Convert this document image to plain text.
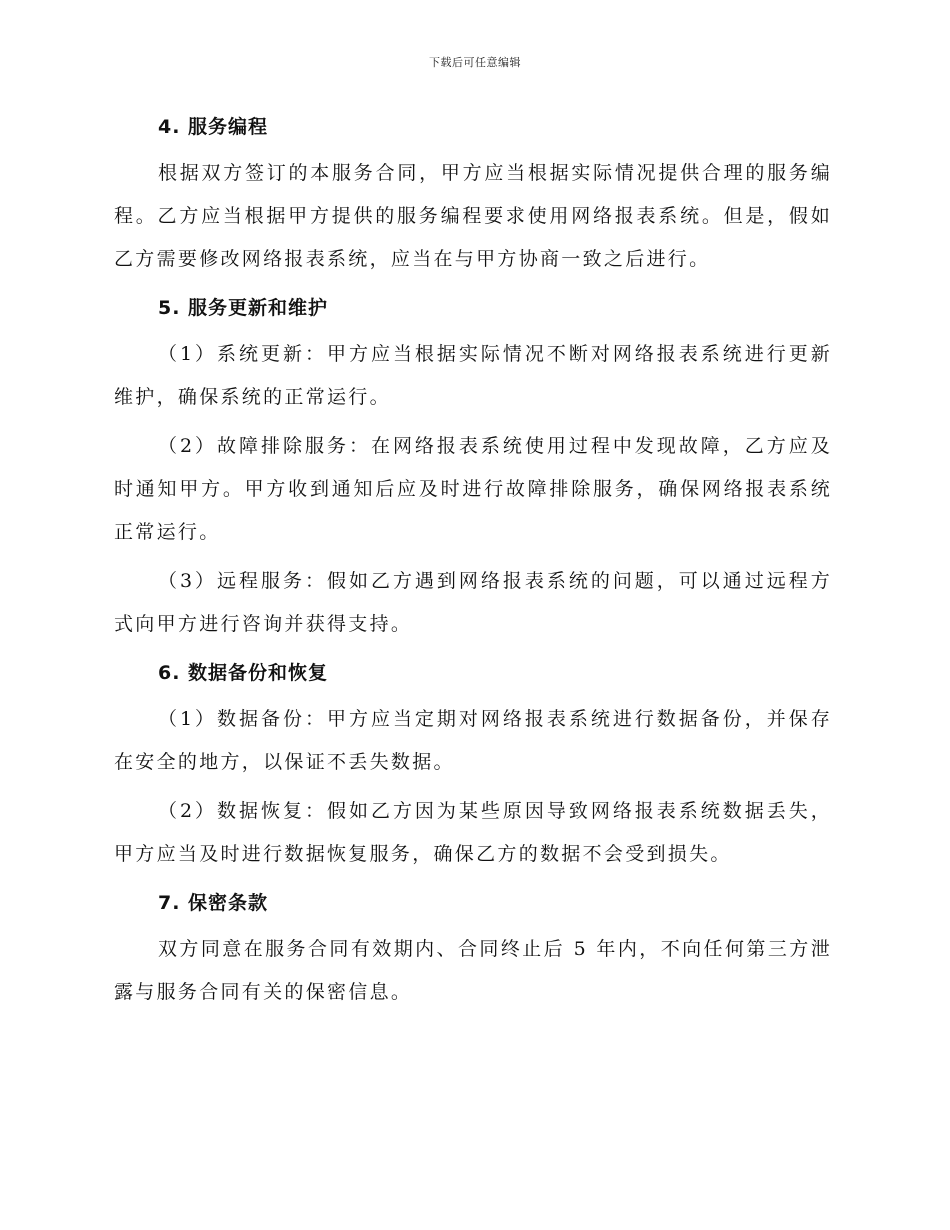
下载后可任意编辑
4. 服务编程

根据双方签订的本服务合同，甲方应当根据实际情况提供合理的服务编程。乙方应当根据甲方提供的服务编程要求使用网络报表系统。但是，假如乙方需要修改网络报表系统，应当在与甲方协商一致之后进行。

5. 服务更新和维护

（1）系统更新：甲方应当根据实际情况不断对网络报表系统进行更新维护，确保系统的正常运行。

（2）故障排除服务：在网络报表系统使用过程中发现故障，乙方应及时通知甲方。甲方收到通知后应及时进行故障排除服务，确保网络报表系统正常运行。

（3）远程服务：假如乙方遇到网络报表系统的问题，可以通过远程方式向甲方进行咨询并获得支持。

6. 数据备份和恢复

（1）数据备份：甲方应当定期对网络报表系统进行数据备份，并保存在安全的地方，以保证不丢失数据。

（2）数据恢复：假如乙方因为某些原因导致网络报表系统数据丢失，甲方应当及时进行数据恢复服务，确保乙方的数据不会受到损失。

7. 保密条款

双方同意在服务合同有效期内、合同终止后 5 年内，不向任何第三方泄露与服务合同有关的保密信息。
